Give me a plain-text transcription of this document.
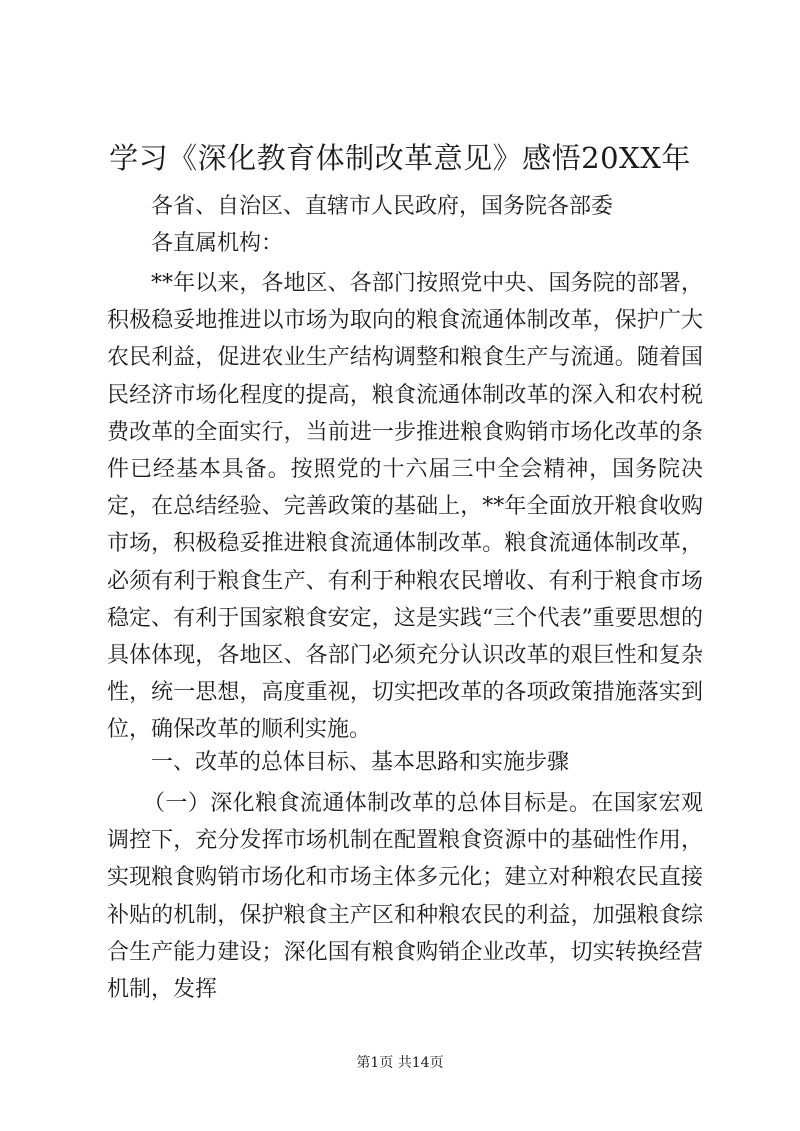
学习《深化教育体制改革意见》感悟20XX年
各省、自治区、直辖市人民政府，国务院各部委
各直属机构：

**年以来，各地区、各部门按照党中央、国务院的部署，积极稳妥地推进以市场为取向的粮食流通体制改革，保护广大农民利益，促进农业生产结构调整和粮食生产与流通。随着国民经济市场化程度的提高，粮食流通体制改革的深入和农村税费改革的全面实行，当前进一步推进粮食购销市场化改革的条件已经基本具备。按照党的十六届三中全会精神，国务院决定，在总结经验、完善政策的基础上，**年全面放开粮食收购市场，积极稳妥推进粮食流通体制改革。粮食流通体制改革，必须有利于粮食生产、有利于种粮农民增收、有利于粮食市场稳定、有利于国家粮食安定，这是实践“三个代表”重要思想的具体体现，各地区、各部门必须充分认识改革的艰巨性和复杂性，统一思想，高度重视，切实把改革的各项政策措施落实到位，确保改革的顺利实施。

一、改革的总体目标、基本思路和实施步骤

（一）深化粮食流通体制改革的总体目标是。在国家宏观调控下，充分发挥市场机制在配置粮食资源中的基础性作用，实现粮食购销市场化和市场主体多元化；建立对种粮农民直接补贴的机制，保护粮食主产区和种粮农民的利益，加强粮食综合生产能力建设；深化国有粮食购销企业改革，切实转换经营机制，发挥

第1页 共14页
